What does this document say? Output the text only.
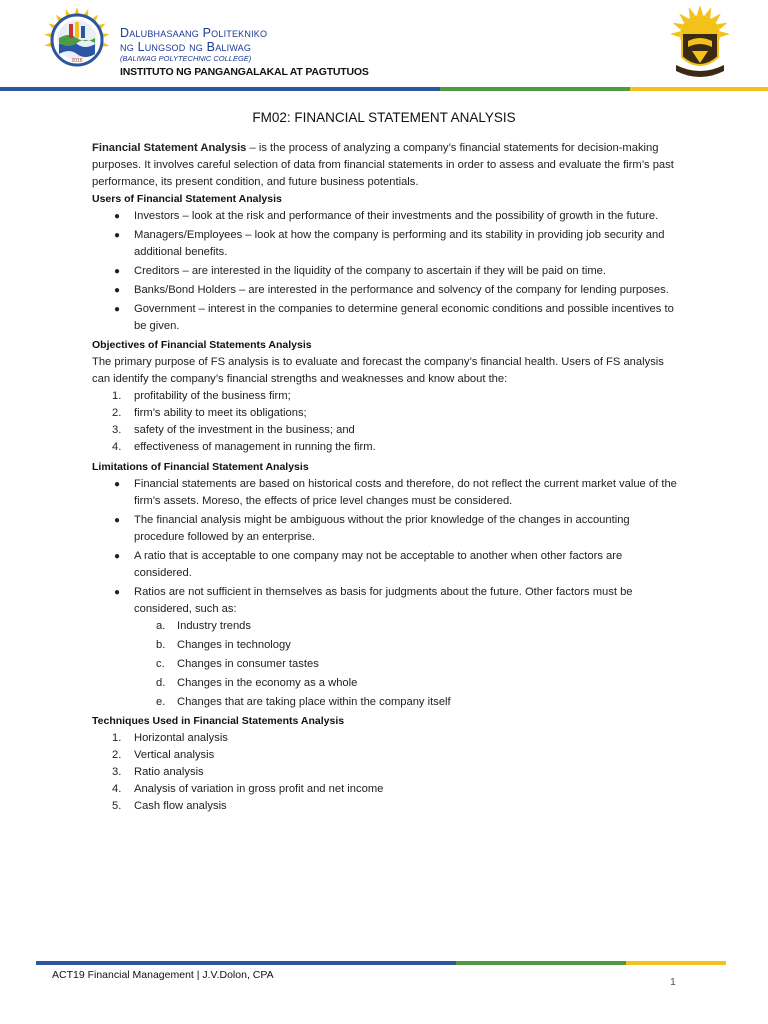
2016
Dalubhasaang Politekniko
ng Lungsod ng Baliwag
(BALIWAG POLYTECHNIC COLLEGE)
INSTITUTO NG PANGANGALAKAL AT PAGTUTUOS
FM02: FINANCIAL STATEMENT ANALYSIS

Financial Statement Analysis – is the process of analyzing a company’s financial statements for decision-making purposes. It involves careful selection of data from financial statements in order to assess and evaluate the firm’s past performance, its present condition, and future business potentials.

Users of Financial Statement Analysis

● Investors – look at the risk and performance of their investments and the possibility of growth in the future.
● Managers/Employees – look at how the company is performing and its stability in providing job security and additional benefits.
● Creditors – are interested in the liquidity of the company to ascertain if they will be paid on time.
● Banks/Bond Holders – are interested in the performance and solvency of the company for lending purposes.
● Government – interest in the companies to determine general economic conditions and possible incentives to be given.

Objectives of Financial Statements Analysis

The primary purpose of FS analysis is to evaluate and forecast the company’s financial health. Users of FS analysis can identify the company’s financial strengths and weaknesses and know about the:

1. profitability of the business firm;
2. firm’s ability to meet its obligations;
3. safety of the investment in the business; and
4. effectiveness of management in running the firm.

Limitations of Financial Statement Analysis

● Financial statements are based on historical costs and therefore, do not reflect the current market value of the firm’s assets. Moreso, the effects of price level changes must be considered.
● The financial analysis might be ambiguous without the prior knowledge of the changes in accounting procedure followed by an enterprise.
● A ratio that is acceptable to one company may not be acceptable to another when other factors are considered.
● Ratios are not sufficient in themselves as basis for judgments about the future. Other factors must be considered, such as:
a. Industry trends
b. Changes in technology
c. Changes in consumer tastes
d. Changes in the economy as a whole
e. Changes that are taking place within the company itself

Techniques Used in Financial Statements Analysis

1. Horizontal analysis
2. Vertical analysis
3. Ratio analysis
4. Analysis of variation in gross profit and net income
5. Cash flow analysis
ACT19 Financial Management | J.V.Dolon, CPA
1
